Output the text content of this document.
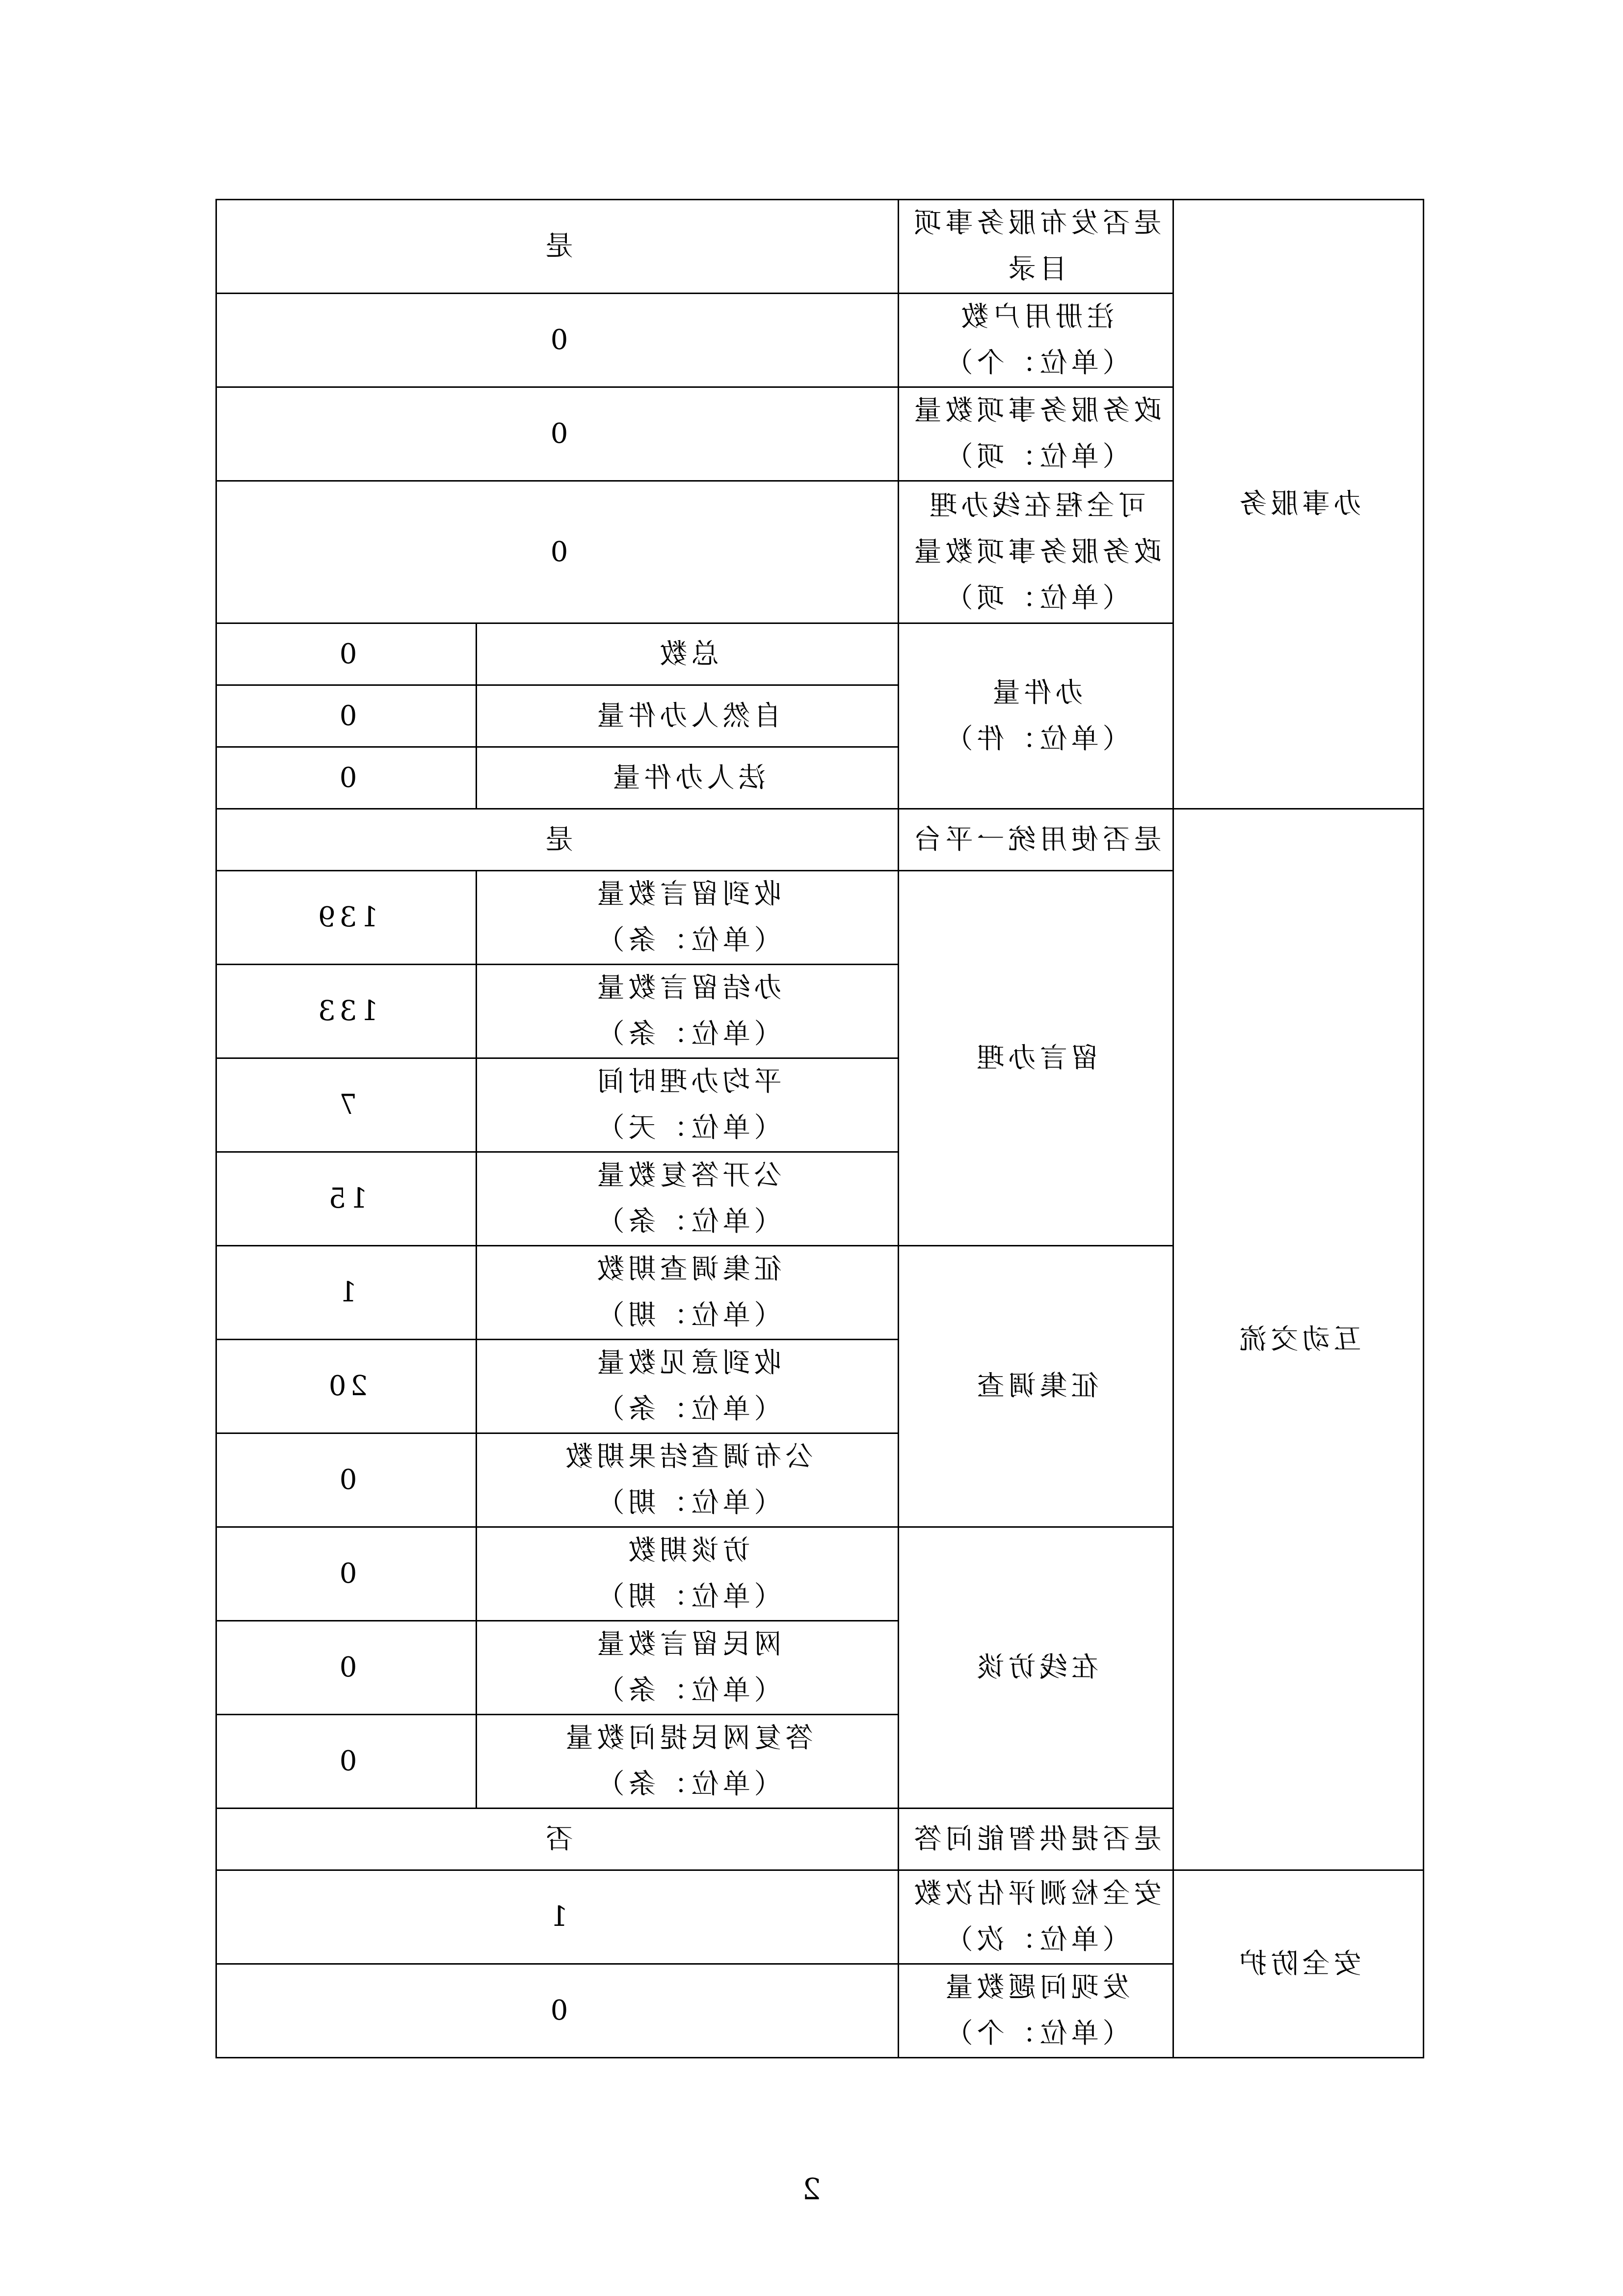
办事服务	是否发布服务事项目录	是	

	注册用户数
（单位：个）	0	

	政务服务事项数量
（单位：项）	0	

	可全程在线办理
政务服务事项数量
（单位：项）	0	

	办件量
（单位：件）	总数	0
		自然人办件量	0
		法人办件量	0
互动交流	是否使用统一平台	是	
	留言办理	收到留言数量
（单位：条）	139

		办结留言数量
（单位：条）	133

		平均办理时间
（单位：天）	7

		公开答复数量
（单位：条）	15
	征集调查	征集调查期数
（单位：期）	1

		收到意见数量
（单位：条）	20

		公布调查结果期数
（单位：期）	0
	在线访谈	访谈期数
（单位：期）	0

		网民留言数量
（单位：条）	0

		答复网民提问数量
（单位：条）	0
	是否提供智能问答	否	
安全防护	安全检测评估次数
（单位：次）	1	

	发现问题数量
（单位：个）	0	
2
